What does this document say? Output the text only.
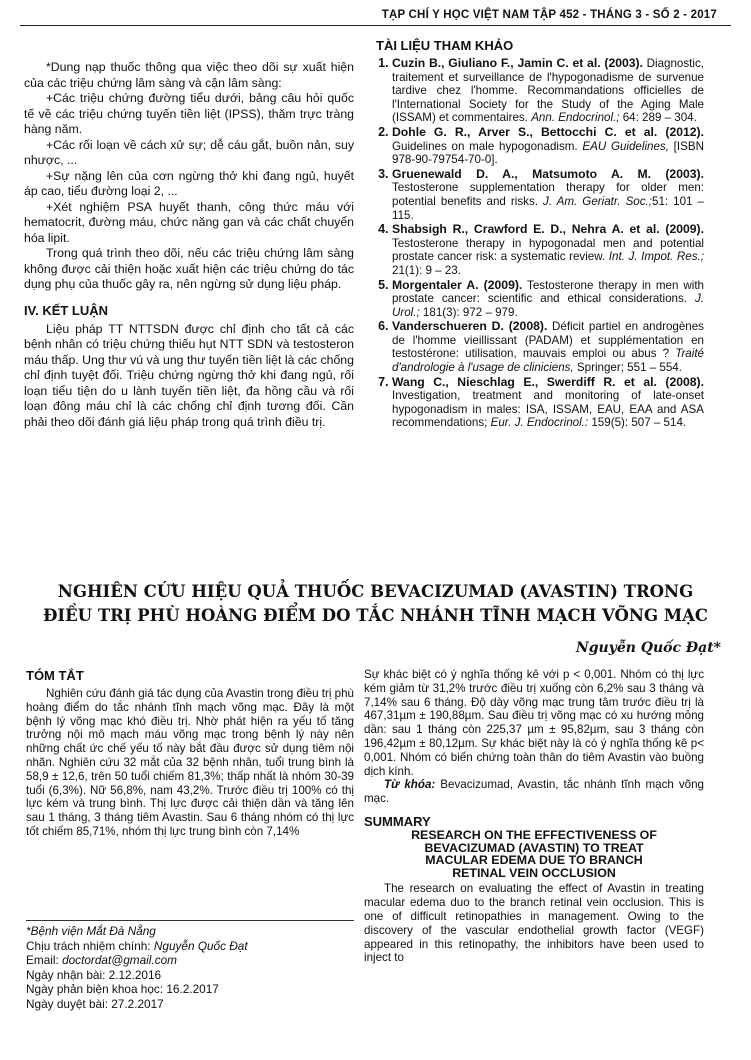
TẠP CHÍ Y HỌC VIỆT NAM TẬP 452 - THÁNG 3 - SỐ 2 - 2017

*Dung nạp thuốc thông qua việc theo dõi sự xuất hiện của các triệu chứng lâm sàng và cận lâm sàng:

+Các triệu chứng đường tiểu dưới, bảng câu hỏi quốc tế về các triệu chứng tuyến tiền liệt (IPSS), thăm trực tràng hàng năm.

+Các rối loạn về cách xử sự; dễ cáu gắt, buồn nản, suy nhược, ...

+Sự nặng lên của cơn ngừng thở khi đang ngủ, huyết áp cao, tiểu đường loại 2, ...

+Xét nghiệm PSA huyết thanh, công thức máu với hematocrit, đường máu, chức năng gan và các chất chuyển hóa lipit.

Trong quá trình theo dõi, nếu các triệu chứng lâm sàng không được cải thiện hoặc xuất hiện các triệu chứng do tác dụng phụ của thuốc gây ra, nên ngừng sử dụng liệu pháp.

IV. KẾT LUẬN

Liệu pháp TT NTTSDN được chỉ định cho tất cả các bệnh nhân có triệu chứng thiếu hụt NTT SDN và testosteron máu thấp. Ung thư vú và ung thư tuyến tiền liệt là các chống chỉ định tuyệt đối. Triệu chứng ngừng thở khi đang ngủ, rối loạn tiểu tiện do u lành tuyến tiền liệt, đa hồng cầu và rối loạn đông máu chỉ là các chống chỉ định tương đối. Cần phải theo dõi đánh giá liệu pháp trong quá trình điều trị.

TÀI LIỆU THAM KHẢO
1. Cuzin B., Giuliano F., Jamin C. et al. (2003). Diagnostic, traitement et surveillance de l'hypogonadisme de survenue tardive chez l'homme. Recommandations officielles de l'International Society for the Study of the Aging Male (ISSAM) et commentaires. Ann. Endocrinol.; 64: 289 – 304.
2. Dohle G. R., Arver S., Bettocchi C. et al. (2012). Guidelines on male hypogonadism. EAU Guidelines, [ISBN 978-90-79754-70-0].
3. Gruenewald D. A., Matsumoto A. M. (2003). Testosterone supplementation therapy for older men: potential benefits and risks. J. Am. Geriatr. Soc.;51: 101 – 115.
4. Shabsigh R., Crawford E. D., Nehra A. et al. (2009). Testosterone therapy in hypogonadal men and potential prostate cancer risk: a systematic review. Int. J. Impot. Res.; 21(1): 9 – 23.
5. Morgentaler A. (2009). Testosterone therapy in men with prostate cancer: scientific and ethical considerations. J. Urol.; 181(3): 972 – 979.
6. Vanderschueren D. (2008). Déficit partiel en androgènes de l'homme vieillissant (PADAM) et supplémentation en testostérone: utilisation, mauvais emploi ou abus ? Traité d'andrologie à l'usage de cliniciens, Springer; 551 – 554.
7. Wang C., Nieschlag E., Swerdiff R. et al. (2008). Investigation, treatment and monitoring of late-onset hypogonadism in males: ISA, ISSAM, EAU, EAA and ASA recommendations; Eur. J. Endocrinol.: 159(5): 507 – 514.
NGHIÊN CỨU HIỆU QUẢ THUỐC BEVACIZUMAD (AVASTIN) TRONG
ĐIỀU TRỊ PHÙ HOÀNG ĐIỂM DO TẮC NHÁNH TĨNH MẠCH VÕNG MẠC
Nguyễn Quốc Đạt*
TÓM TẮT

Nghiên cứu đánh giá tác dụng của Avastin trong điều trị phù hoàng điểm do tắc nhánh tĩnh mạch võng mạc. Đây là một bệnh lý võng mạc khó điều trị. Nhờ phát hiện ra yếu tố tăng trưởng nội mô mạch máu võng mạc trong bệnh lý này nên những chất ức chế yếu tố này bắt đầu được sử dụng tiêm nội nhãn. Nghiên cứu 32 mắt của 32 bệnh nhân, tuổi trung bình là 58,9 ± 12,6, trên 50 tuổi chiếm 81,3%; thấp nhất là nhóm 30-39 tuổi (6,3%). Nữ 56,8%, nam 43,2%. Trước điều trị 100% có thị lực kém và trung bình. Thị lực được cải thiện dần và tăng lên sau 1 tháng, 3 tháng tiêm Avastin. Sau 6 tháng nhóm có thị lực tốt chiếm 85,71%, nhóm thị lực trung bình còn 7,14%

Sự khác biệt có ý nghĩa thống kê với p < 0,001. Nhóm có thị lực kém giảm từ 31,2% trước điều trị xuống còn 6,2% sau 3 tháng và 7,14% sau 6 tháng. Độ dày võng mạc trung tâm trước điều trị là 467,31µm ± 190,88µm. Sau điều trị võng mạc có xu hướng mỏng dần: sau 1 tháng còn 225,37 µm ± 95,82µm, sau 3 tháng còn 196,42µm ± 80,12µm. Sự khác biệt này là có ý nghĩa thống kê p< 0,001. Nhóm có biến chứng toàn thân do tiêm Avastin vào buồng dịch kính.

Từ khóa: Bevacizumad, Avastin, tắc nhánh tĩnh mạch võng mạc.

SUMMARY
RESEARCH ON THE EFFECTIVENESS OF
BEVACIZUMAD (AVASTIN) TO TREAT
MACULAR EDEMA DUE TO BRANCH
RETINAL VEIN OCCLUSION

The research on evaluating the effect of Avastin in treating macular edema duo to the branch retinal vein occlusion. This is one of difficult retinopathies in management. Owing to the discovery of the vascular endothelial growth factor (VEGF) appeared in this retinopathy, the inhibitors have been used to inject to

*Bệnh viện Mắt Đà Nẵng
Chịu trách nhiệm chính: Nguyễn Quốc Đạt
Email: doctordat@gmail.com
Ngày nhận bài: 2.12.2016
Ngày phản biện khoa học: 16.2.2017
Ngày duyệt bài: 27.2.2017
